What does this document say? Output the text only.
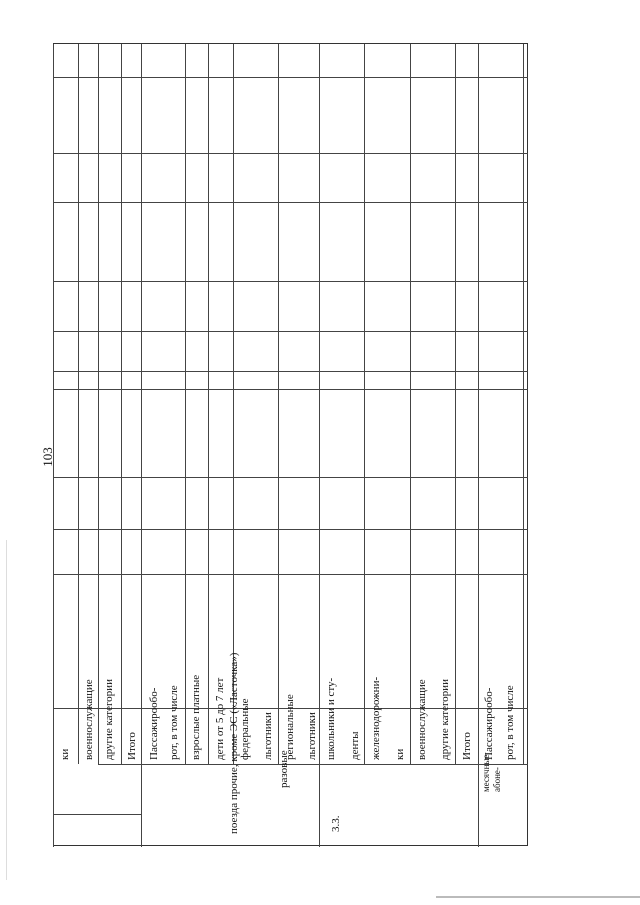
103
ки военнослужащие другие категории Итого Пассажирообо- рот, в том числе взрослые платные дети от 5 до 7 лет федеральные льготники региональные льготники школьники и сту- денты железнодорожни- ки военнослужащие другие категории Итого Пассажирообо- рот, в том числе
разовые	месячные абоне-
поезда прочие, кроме ЭС («Ласточка»)	3.3.
